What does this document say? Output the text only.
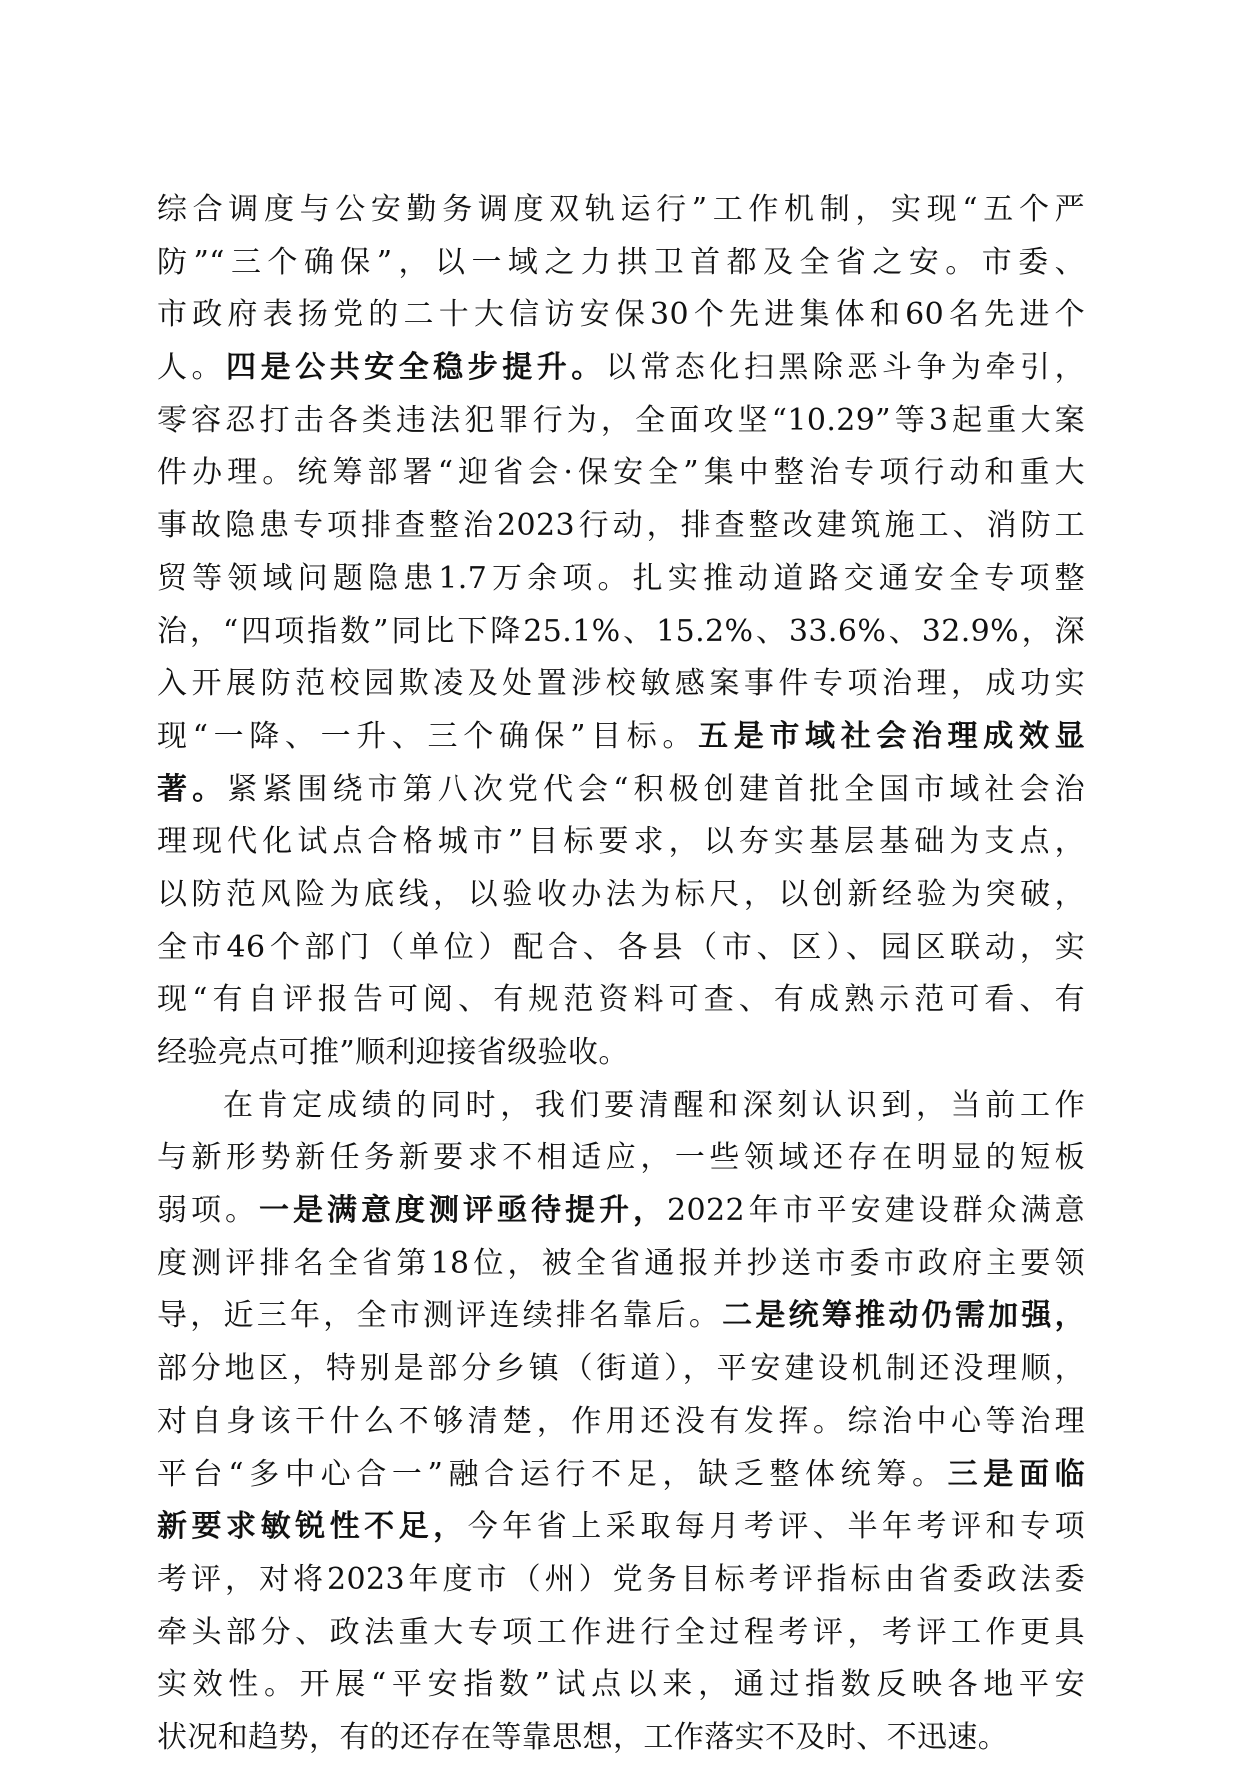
综合调度与公安勤务调度双轨运行”工作机制，实现“五个严
防”“三个确保”，以一域之力拱卫首都及全省之安。市委、
市政府表扬党的二十大信访安保30个先进集体和60名先进个
人。四是公共安全稳步提升。以常态化扫黑除恶斗争为牵引，
零容忍打击各类违法犯罪行为，全面攻坚“10.29”等3起重大案
件办理。统筹部署“迎省会·保安全”集中整治专项行动和重大
事故隐患专项排查整治2023行动，排查整改建筑施工、消防工
贸等领域问题隐患1.7万余项。扎实推动道路交通安全专项整
治，“四项指数”同比下降25.1%、15.2%、33.6%、32.9%，深
入开展防范校园欺凌及处置涉校敏感案事件专项治理，成功实
现“一降、一升、三个确保”目标。五是市域社会治理成效显
著。紧紧围绕市第八次党代会“积极创建首批全国市域社会治
理现代化试点合格城市”目标要求，以夯实基层基础为支点，
以防范风险为底线，以验收办法为标尺，以创新经验为突破，
全市46个部门（单位）配合、各县（市、区）、园区联动，实
现“有自评报告可阅、有规范资料可查、有成熟示范可看、有
经验亮点可推”顺利迎接省级验收。
在肯定成绩的同时，我们要清醒和深刻认识到，当前工作
与新形势新任务新要求不相适应，一些领域还存在明显的短板
弱项。一是满意度测评亟待提升，2022年市平安建设群众满意
度测评排名全省第18位，被全省通报并抄送市委市政府主要领
导，近三年，全市测评连续排名靠后。二是统筹推动仍需加强，
部分地区，特别是部分乡镇（街道），平安建设机制还没理顺，
对自身该干什么不够清楚，作用还没有发挥。综治中心等治理
平台“多中心合一”融合运行不足，缺乏整体统筹。三是面临
新要求敏锐性不足，今年省上采取每月考评、半年考评和专项
考评，对将2023年度市（州）党务目标考评指标由省委政法委
牵头部分、政法重大专项工作进行全过程考评，考评工作更具
实效性。开展“平安指数”试点以来，通过指数反映各地平安
状况和趋势，有的还存在等靠思想，工作落实不及时、不迅速。
